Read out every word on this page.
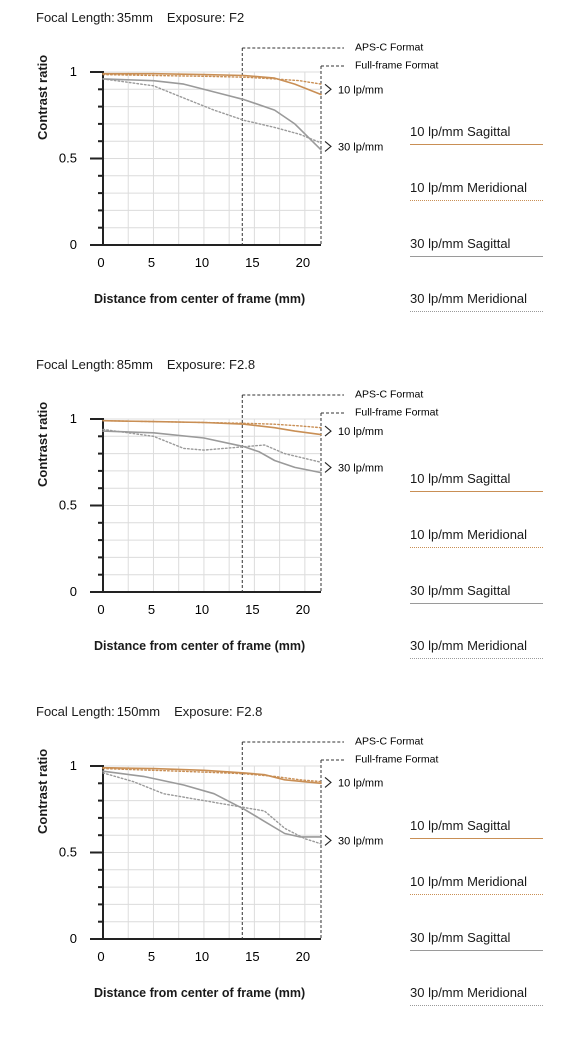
Focal Length: 35mm Exposure: F2
0
0.5
1
0	5	10	15	20
APS-C Format
Full-frame Format
10 lp/mm
30 lp/mm
Contrast ratio
Distance from center of frame (mm)
10 lp/mm Sagittal
10 lp/mm Meridional
30 lp/mm Sagittal
30 lp/mm Meridional
Focal Length: 85mm Exposure: F2.8
0
0.5
1
0	5	10	15	20
APS-C Format
Full-frame Format
10 lp/mm
30 lp/mm
Contrast ratio
Distance from center of frame (mm)
10 lp/mm Sagittal
10 lp/mm Meridional
30 lp/mm Sagittal
30 lp/mm Meridional
Focal Length: 150mm Exposure: F2.8
0
0.5
1
0	5	10	15	20
APS-C Format
Full-frame Format
10 lp/mm
30 lp/mm
Contrast ratio
Distance from center of frame (mm)
10 lp/mm Sagittal
10 lp/mm Meridional
30 lp/mm Sagittal
30 lp/mm Meridional
